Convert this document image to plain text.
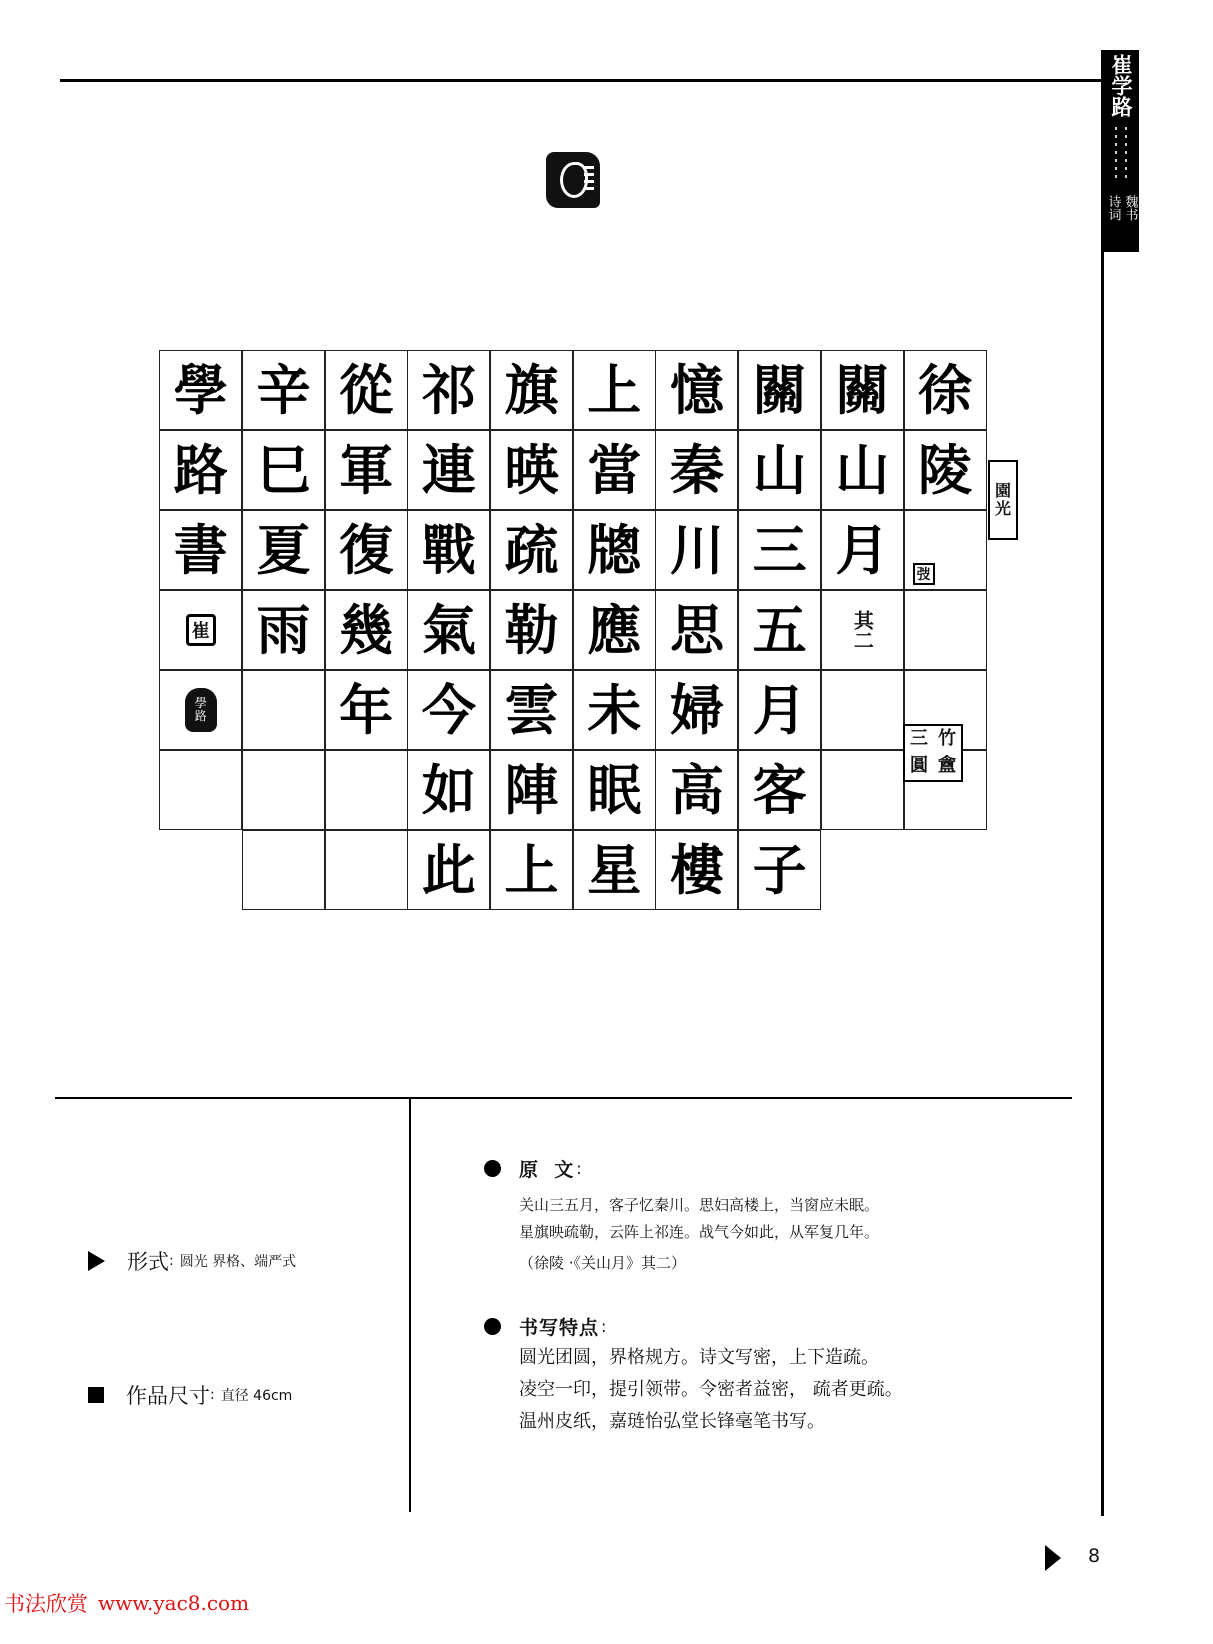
崔学路
魏书
诗词
學
路
書
崔
學
路
辛
巳
夏
雨
從
軍
復
幾
年
祁
連
戰
氣
今
如
此
旗
暎
疏
勒
雲
陣
上
上
當
牕
應
未
眠
星
憶
秦
川
思
婦
高
樓
關
山
三
五
月
客
子
關
山
月
其二
徐
陵
弢
園
光
三 竹
圓 盦
形式 : 圆光 界格、端严式
作品尺寸 : 直径 46cm
原  文 :

关山三五月，客子忆秦川。思妇高楼上，当窗应未眠。

星旗映疏勒，云阵上祁连。战气今如此，从军复几年。

（徐陵 ·《关山月》其二）

书写特点 :

圆光团圆，界格规方。诗文写密，上下造疏。

凌空一印，提引领带。令密者益密， 疏者更疏。

温州皮纸，嘉琏怡弘堂长锋毫笔书写。

8
书法欣赏 www.yac8.com
